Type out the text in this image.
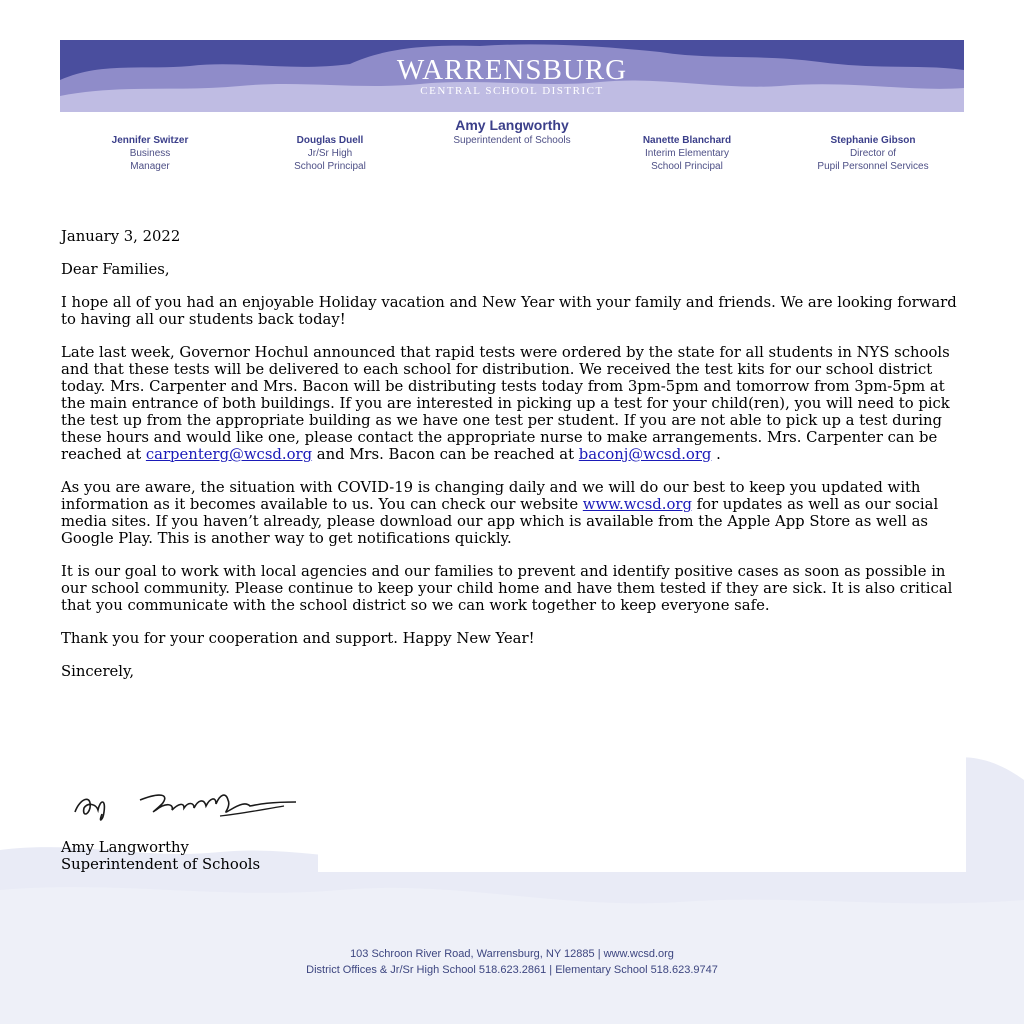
WARRENSBURG
CENTRAL SCHOOL DISTRICT
Amy Langworthy
Superintendent of Schools
Jennifer Switzer
Business
Manager
Douglas Duell
Jr/Sr High
School Principal
Nanette Blanchard
Interim Elementary
School Principal
Stephanie Gibson
Director of
Pupil Personnel Services

January 3, 2022

Dear Families,

I hope all of you had an enjoyable Holiday vacation and New Year with your family and friends. We are looking forward to having all our students back today!

Late last week, Governor Hochul announced that rapid tests were ordered by the state for all students in NYS schools and that these tests will be delivered to each school for distribution. We received the test kits for our school district today. Mrs. Carpenter and Mrs. Bacon will be distributing tests today from 3pm-5pm and tomorrow from 3pm-5pm at the main entrance of both buildings. If you are interested in picking up a test for your child(ren), you will need to pick the test up from the appropriate building as we have one test per student. If you are not able to pick up a test during these hours and would like one, please contact the appropriate nurse to make arrangements. Mrs. Carpenter can be reached at carpenterg@wcsd.org and Mrs. Bacon can be reached at baconj@wcsd.org .

As you are aware, the situation with COVID-19 is changing daily and we will do our best to keep you updated with information as it becomes available to us. You can check our website www.wcsd.org for updates as well as our social media sites. If you haven’t already, please download our app which is available from the Apple App Store as well as Google Play. This is another way to get notifications quickly.

It is our goal to work with local agencies and our families to prevent and identify positive cases as soon as possible in our school community. Please continue to keep your child home and have them tested if they are sick. It is also critical that you communicate with the school district so we can work together to keep everyone safe.

Thank you for your cooperation and support. Happy New Year!

Sincerely,

Amy Langworthy
Superintendent of Schools
103 Schroon River Road, Warrensburg, NY 12885 | www.wcsd.org
District Offices & Jr/Sr High School 518.623.2861 | Elementary School 518.623.9747
